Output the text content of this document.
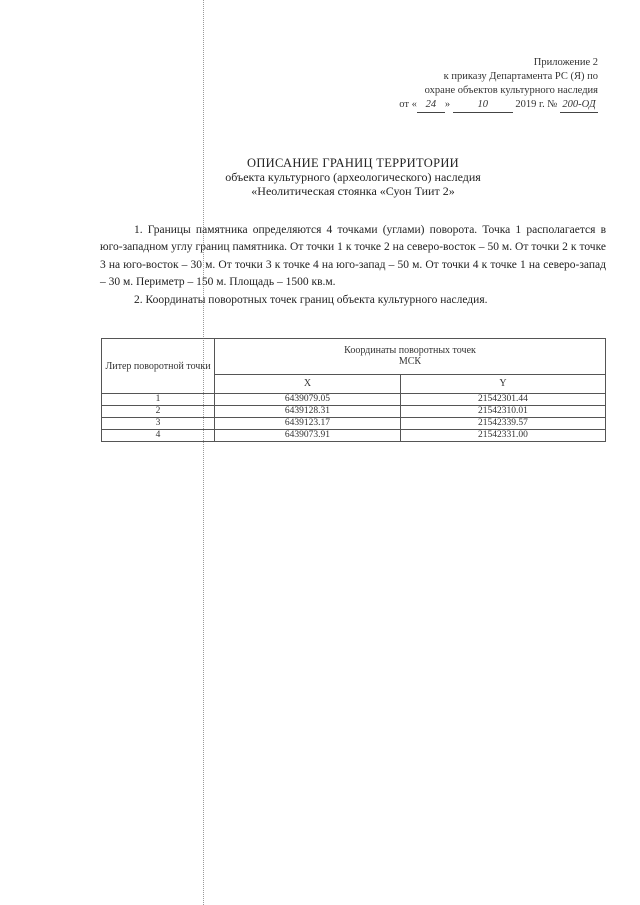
Приложение 2
к приказу Департамента РС (Я) по
охране объектов культурного наследия
от « 24 »	10	2019 г. № 200-ОД
ОПИСАНИЕ ГРАНИЦ ТЕРРИТОРИИ
объекта культурного (археологического) наследия
«Неолитическая стоянка «Суон Тиит 2»

1. Границы памятника определяются 4 точками (углами) поворота. Точка 1 располагается в юго-западном углу границ памятника. От точки 1 к точке 2 на северо-восток – 50 м. От точки 2 к точке 3 на юго-восток – 30 м. От точки 3 к точке 4 на юго-запад – 50 м. От точки 4 к точке 1 на северо-запад – 30 м. Периметр – 150 м. Площадь – 1500 кв.м.

2. Координаты поворотных точек границ объекта культурного наследия.

Литер поворотной точки	Координаты поворотных точек
МСК	
	X	Y
1	6439079.05	21542301.44
2	6439128.31	21542310.01
3	6439123.17	21542339.57
4	6439073.91	21542331.00
